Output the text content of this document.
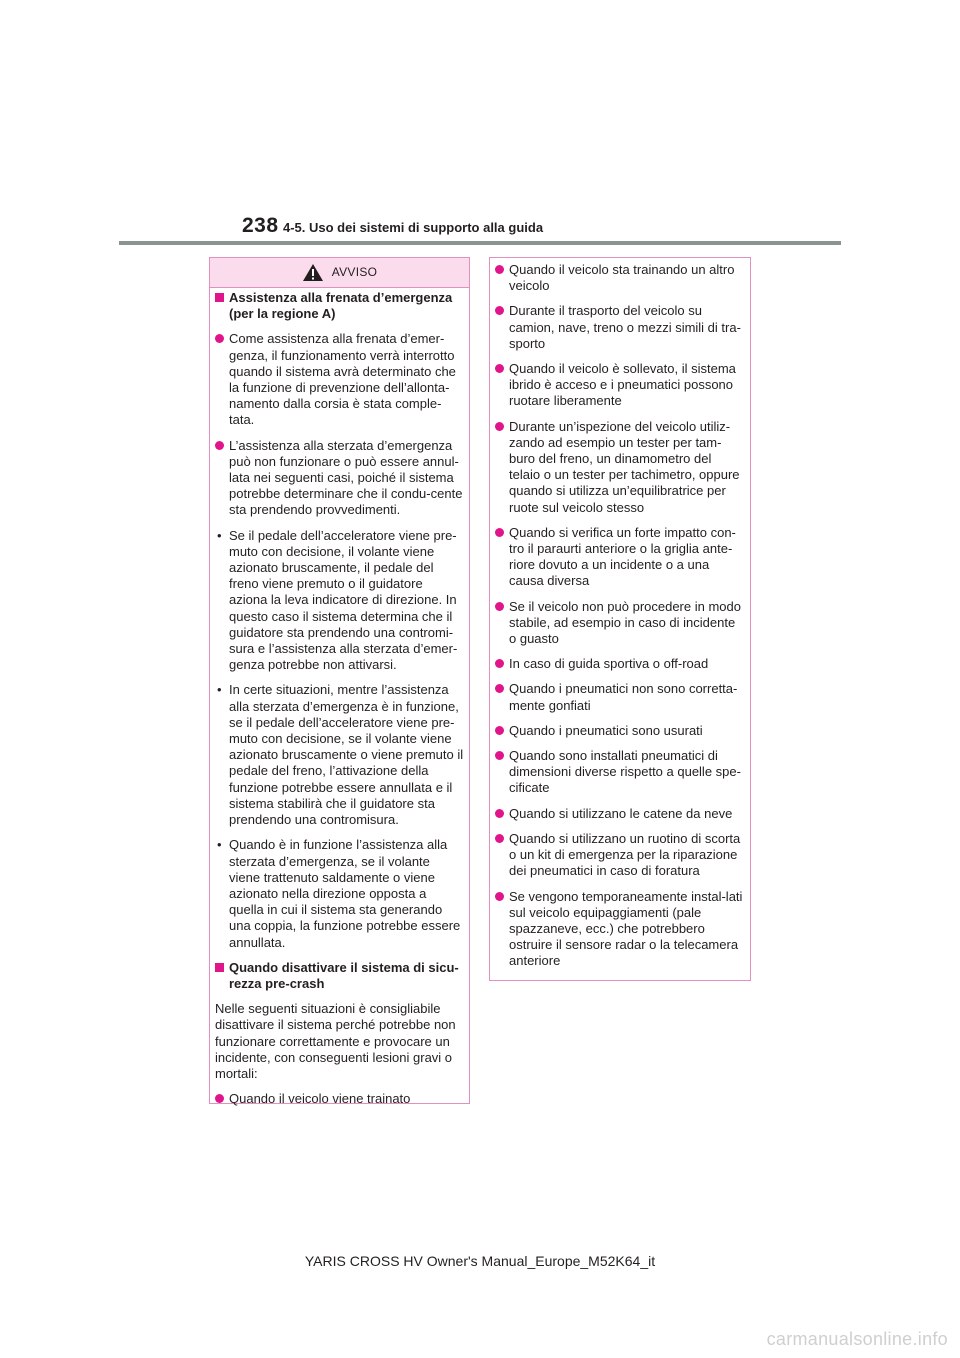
238 4-5. Uso dei sistemi di supporto alla guida
AVVISO
Assistenza alla frenata d’emergenza (per la regione A)
Come assistenza alla frenata d’emer-genza, il funzionamento verrà interrotto quando il sistema avrà determinato che la funzione di prevenzione dell’allonta-namento dalla corsia è stata comple-tata.
L’assistenza alla sterzata d’emergenza può non funzionare o può essere annul-lata nei seguenti casi, poiché il sistema potrebbe determinare che il condu-cente sta prendendo provvedimenti.
• Se il pedale dell’acceleratore viene pre-muto con decisione, il volante viene azionato bruscamente, il pedale del freno viene premuto o il guidatore aziona la leva indicatore di direzione. In questo caso il sistema determina che il guidatore sta prendendo una contromi-sura e l’assistenza alla sterzata d’emer-genza potrebbe non attivarsi.
• In certe situazioni, mentre l’assistenza alla sterzata d’emergenza è in funzione, se il pedale dell’acceleratore viene pre-muto con decisione, se il volante viene azionato bruscamente o viene premuto il pedale del freno, l’attivazione della funzione potrebbe essere annullata e il sistema stabilirà che il guidatore sta prendendo una contromisura.
• Quando è in funzione l’assistenza alla sterzata d’emergenza, se il volante viene trattenuto saldamente o viene azionato nella direzione opposta a quella in cui il sistema sta generando una coppia, la funzione potrebbe essere annullata.
Quando disattivare il sistema di sicu-rezza pre-crash
Nelle seguenti situazioni è consigliabile disattivare il sistema perché potrebbe non funzionare correttamente e provocare un incidente, con conseguenti lesioni gravi o mortali:
Quando il veicolo viene trainato
Quando il veicolo sta trainando un altro veicolo
Durante il trasporto del veicolo su camion, nave, treno o mezzi simili di tra-sporto
Quando il veicolo è sollevato, il sistema ibrido è acceso e i pneumatici possono ruotare liberamente
Durante un’ispezione del veicolo utiliz-zando ad esempio un tester per tam-buro del freno, un dinamometro del telaio o un tester per tachimetro, oppure quando si utilizza un’equilibratrice per ruote sul veicolo stesso
Quando si verifica un forte impatto con-tro il paraurti anteriore o la griglia ante-riore dovuto a un incidente o a una causa diversa
Se il veicolo non può procedere in modo stabile, ad esempio in caso di incidente o guasto
In caso di guida sportiva o off-road
Quando i pneumatici non sono corretta-mente gonfiati
Quando i pneumatici sono usurati
Quando sono installati pneumatici di dimensioni diverse rispetto a quelle spe-cificate
Quando si utilizzano le catene da neve
Quando si utilizzano un ruotino di scorta o un kit di emergenza per la riparazione dei pneumatici in caso di foratura
Se vengono temporaneamente instal-lati sul veicolo equipaggiamenti (pale spazzaneve, ecc.) che potrebbero ostruire il sensore radar o la telecamera anteriore
YARIS CROSS HV Owner's Manual_Europe_M52K64_it
carmanualsonline.info
